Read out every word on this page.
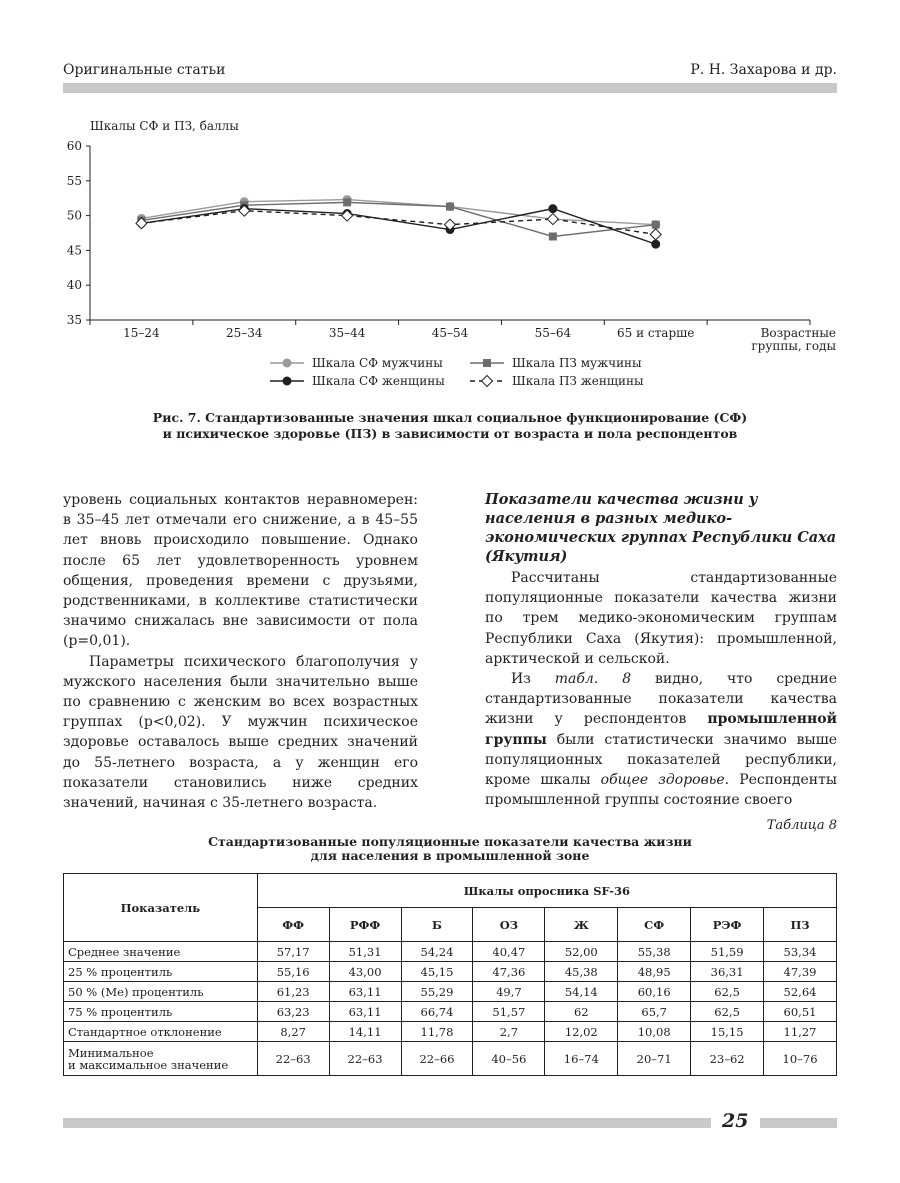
Оригинальные статьи	Р. Н. Захарова и др.
Шкалы СФ и ПЗ, баллы
35
40
45
50
55
60
15–24	25–34	35–44	45–54	55–64	65 и старше	Возрастные
группы, годы
Шкала СФ мужчины	Шкала ПЗ мужчины
Шкала СФ женщины	Шкала ПЗ женщины
Рис. 7. Стандартизованные значения шкал социальное функционирование (СФ)
и психическое здоровье (ПЗ) в зависимости от возраста и пола респондентов

уровень социальных контактов неравномерен: в 35–45 лет отмечали его снижение, а в 45–55 лет вновь происходило повышение. Однако после 65 лет удовлетворенность уровнем общения, проведения времени с друзьями, родственниками, в коллективе статистически значимо снижалась вне зависимости от пола (p=0,01).

Параметры психического благополучия у мужского населения были значительно выше по сравнению с женским во всех возрастных группах (p<0,02). У мужчин психическое здоровье оставалось выше средних значений до 55-летнего возраста, а у женщин его показатели становились ниже средних значений, начиная с 35-летнего возраста.

Показатели качества жизни у населения в разных медико-экономических группах Республики Саха (Якутия)

Рассчитаны стандартизованные популяционные показатели качества жизни по трем медико-экономическим группам Республики Саха (Якутия): промышленной, арктической и сельской.

Из табл. 8 видно, что средние стандартизованные показатели качества жизни у респондентов промышленной группы были статистически значимо выше популяционных показателей республики, кроме шкалы общее здоровье. Респонденты промышленной группы состояние своего

Таблица 8
Стандартизованные популяционные показатели качества жизни
для населения в промышленной зоне
Показатель	Шкалы опросника SF-36							
	ФФ	РФФ	Б	ОЗ	Ж	СФ	РЭФ	ПЗ
Среднее значение	57,17	51,31	54,24	40,47	52,00	55,38	51,59	53,34
25 % процентиль	55,16	43,00	45,15	47,36	45,38	48,95	36,31	47,39
50 % (Ме) процентиль	61,23	63,11	55,29	49,7	54,14	60,16	62,5	52,64
75 % процентиль	63,23	63,11	66,74	51,57	62	65,7	62,5	60,51
Стандартное отклонение	8,27	14,11	11,78	2,7	12,02	10,08	15,15	11,27

Минимальное
и максимальное значение	22–63	22–63	22–66	40–56	16–74	20–71	23–62	10–76
25
